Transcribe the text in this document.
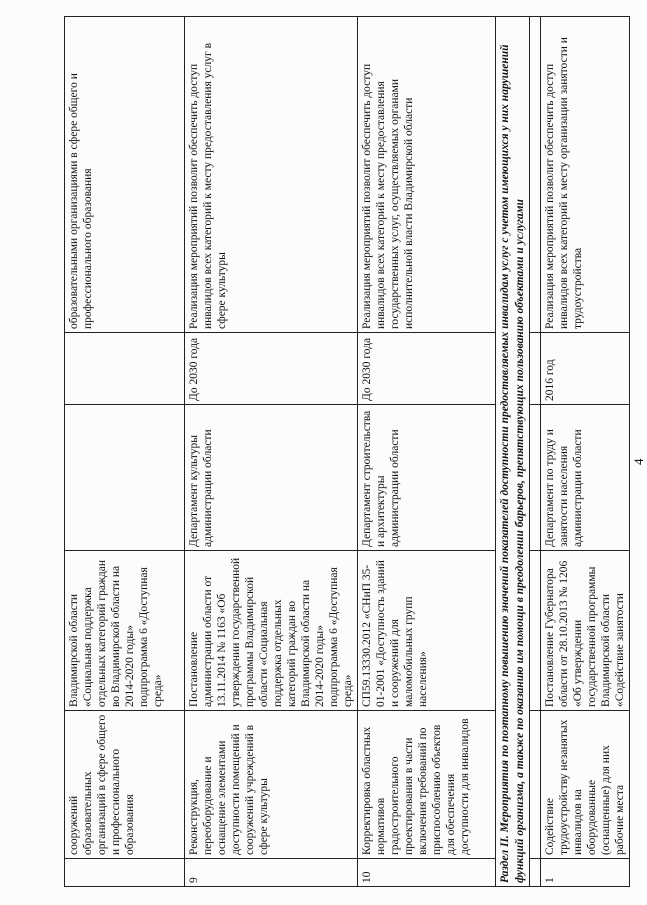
4
	сооружений образовательных организаций в сфере общего и профессионального образования	Владимирской области «Социальная поддержка отдельных категорий граждан во Владимирской области на 2014-2020 годы» подпрограмма 6 «Доступная среда»			образовательными организациями в сфере общего и профессионального образования
9	Реконструкция, переоборудование и оснащение элементами доступности помещений и сооружений учреждений в сфере культуры	Постановление администрации области от 13.11.2014 № 1163 «Об утверждении государственной программы Владимирской области «Социальная поддержка отдельных категорий граждан во Владимирской области на 2014-2020 годы» подпрограмма 6 «Доступная среда»	Департамент культуры администрации области	До 2030 года	Реализация мероприятий позволит обеспечить доступ инвалидов всех категорий к месту предоставления услуг в сфере культуры
10	Корректировка областных нормативов градостроительного проектирования в части включения требований по приспособлению объектов для обеспечения доступности для инвалидов	СП59.13330.2012 «СНиП 35-01-2001 «Доступность зданий и сооружений для маломобильных групп населения»	Департамент строительства и архитектуры администрации области	До 2030 года	Реализация мероприятий позволит обеспечить доступ инвалидов всех категорий к месту предоставления государственных услуг, осуществляемых органами исполнительной власти Владимирской области
Раздел II. Мероприятия по поэтапному повышению значений показателей доступности предоставляемых инвалидам услуг с учетом имеющихся у них нарушений функций организма, а также по оказанию им помощи в преодолении барьеров, препятствующих пользованию объектами и услугами					

1	Содействие трудоустройству незанятых инвалидов на оборудованные (оснащенные) для них рабочие места	Постановление Губернатора области от 28.10.2013 № 1206 «Об утверждении государственной программы Владимирской области «Содействие занятости	Департамент по труду и занятости населения администрации области	2016 год	Реализация мероприятий позволит обеспечить доступ инвалидов всех категорий к месту организации занятости и трудоустройства
